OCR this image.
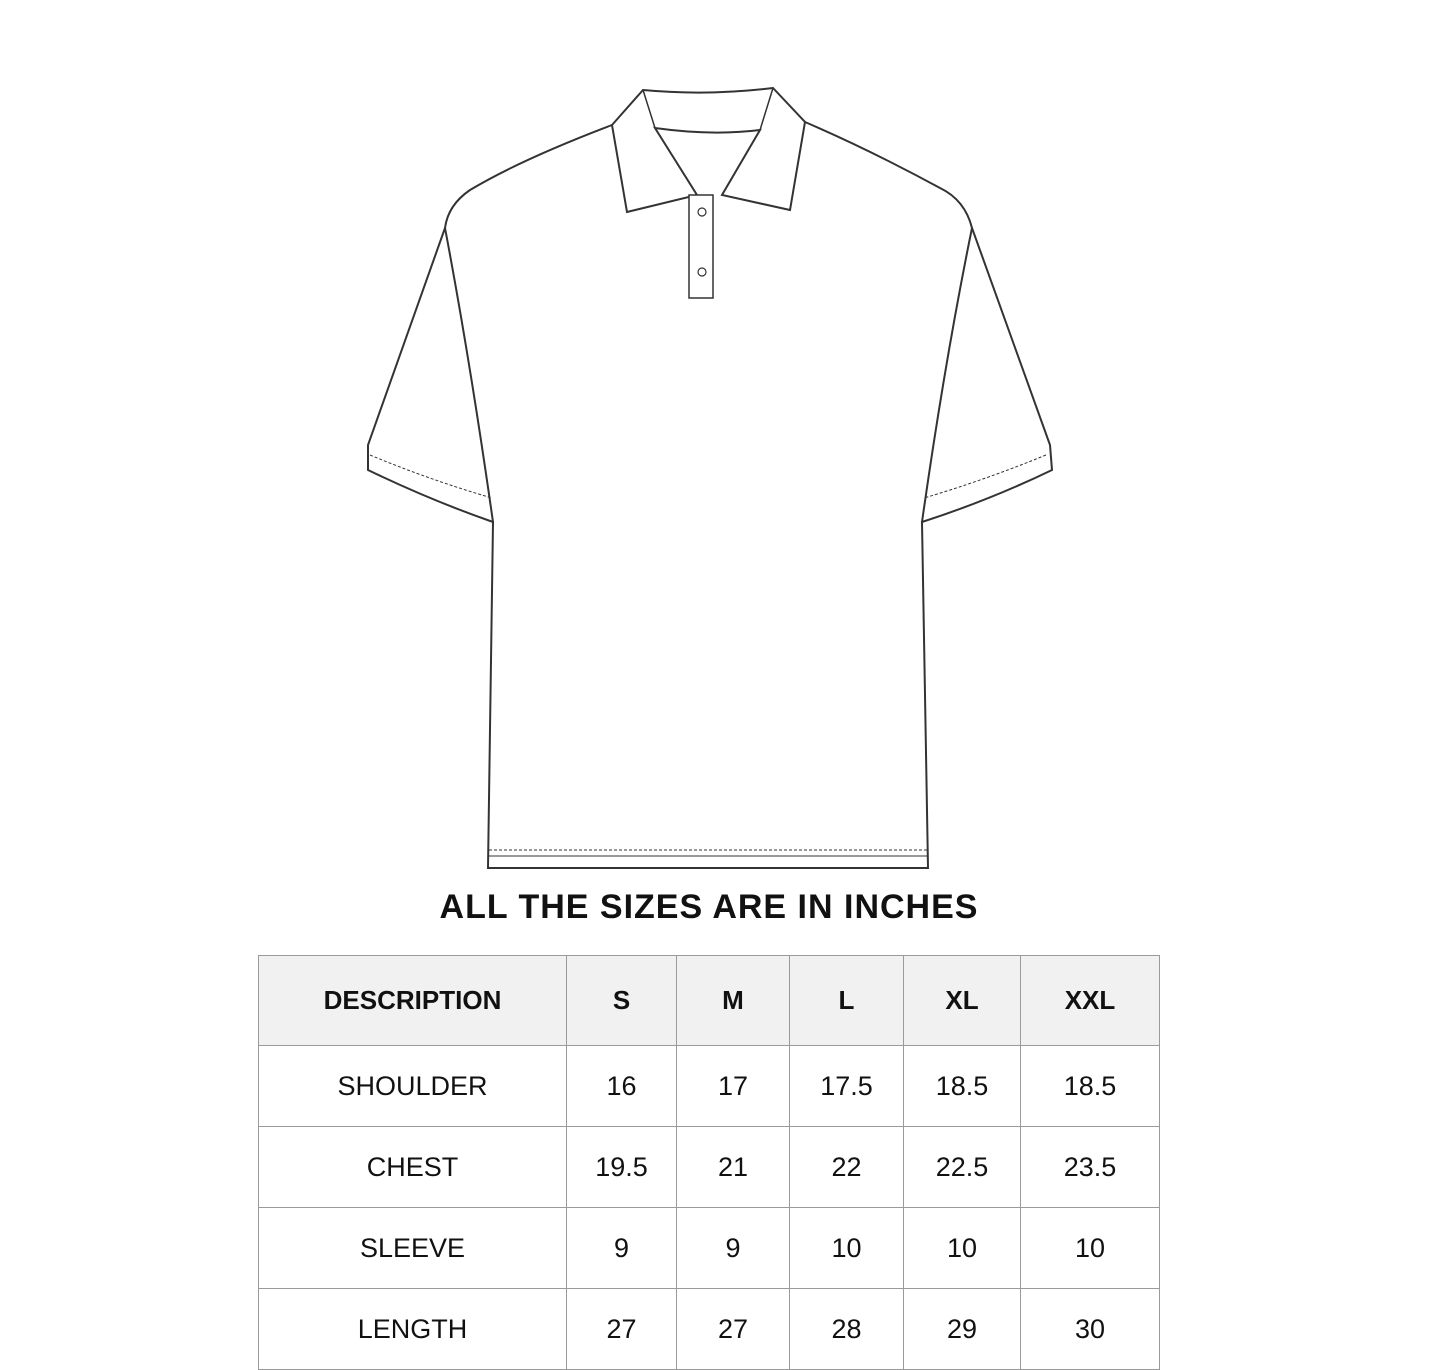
ALL THE SIZES ARE IN INCHES
DESCRIPTION	S	M	L	XL	XXL
SHOULDER	16	17	17.5	18.5	18.5
CHEST	19.5	21	22	22.5	23.5
SLEEVE	9	9	10	10	10
LENGTH	27	27	28	29	30
